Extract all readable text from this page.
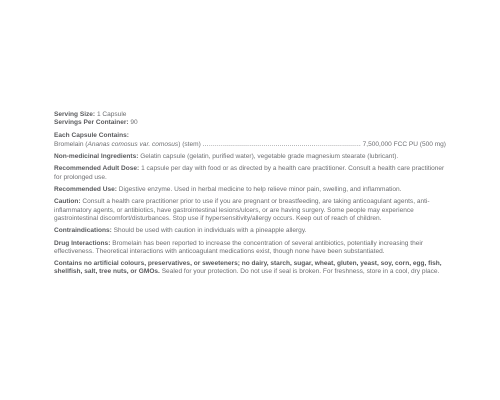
Serving Size: 1 Capsule

Servings Per Container: 90

Each Capsule Contains:

Bromelain (Ananas comosus var. comosus) (stem)
.....	7,500,000 FCC PU (500 mg)

Non-medicinal Ingredients: Gelatin capsule (gelatin, purified water), vegetable grade magnesium stearate (lubricant).

Recommended Adult Dose: 1 capsule per day with food or as directed by a health care practitioner. Consult a health care practitioner for prolonged use.

Recommended Use: Digestive enzyme. Used in herbal medicine to help relieve minor pain, swelling, and inflammation.

Caution: Consult a health care practitioner prior to use if you are pregnant or breastfeeding, are taking anticoagulant agents, anti-inflammatory agents, or antibiotics, have gastrointestinal lesions/ulcers, or are having surgery. Some people may experience gastrointestinal discomfort/disturbances. Stop use if hypersensitivity/allergy occurs. Keep out of reach of children.

Contraindications: Should be used with caution in individuals with a pineapple allergy.

Drug Interactions: Bromelain has been reported to increase the concentration of several antibiotics, potentially increasing their effectiveness. Theoretical interactions with anticoagulant medications exist, though none have been substantiated.

Contains no artificial colours, preservatives, or sweeteners; no dairy, starch, sugar, wheat, gluten, yeast, soy, corn, egg, fish, shellfish, salt, tree nuts, or GMOs. Sealed for your protection. Do not use if seal is broken. For freshness, store in a cool, dry place.
